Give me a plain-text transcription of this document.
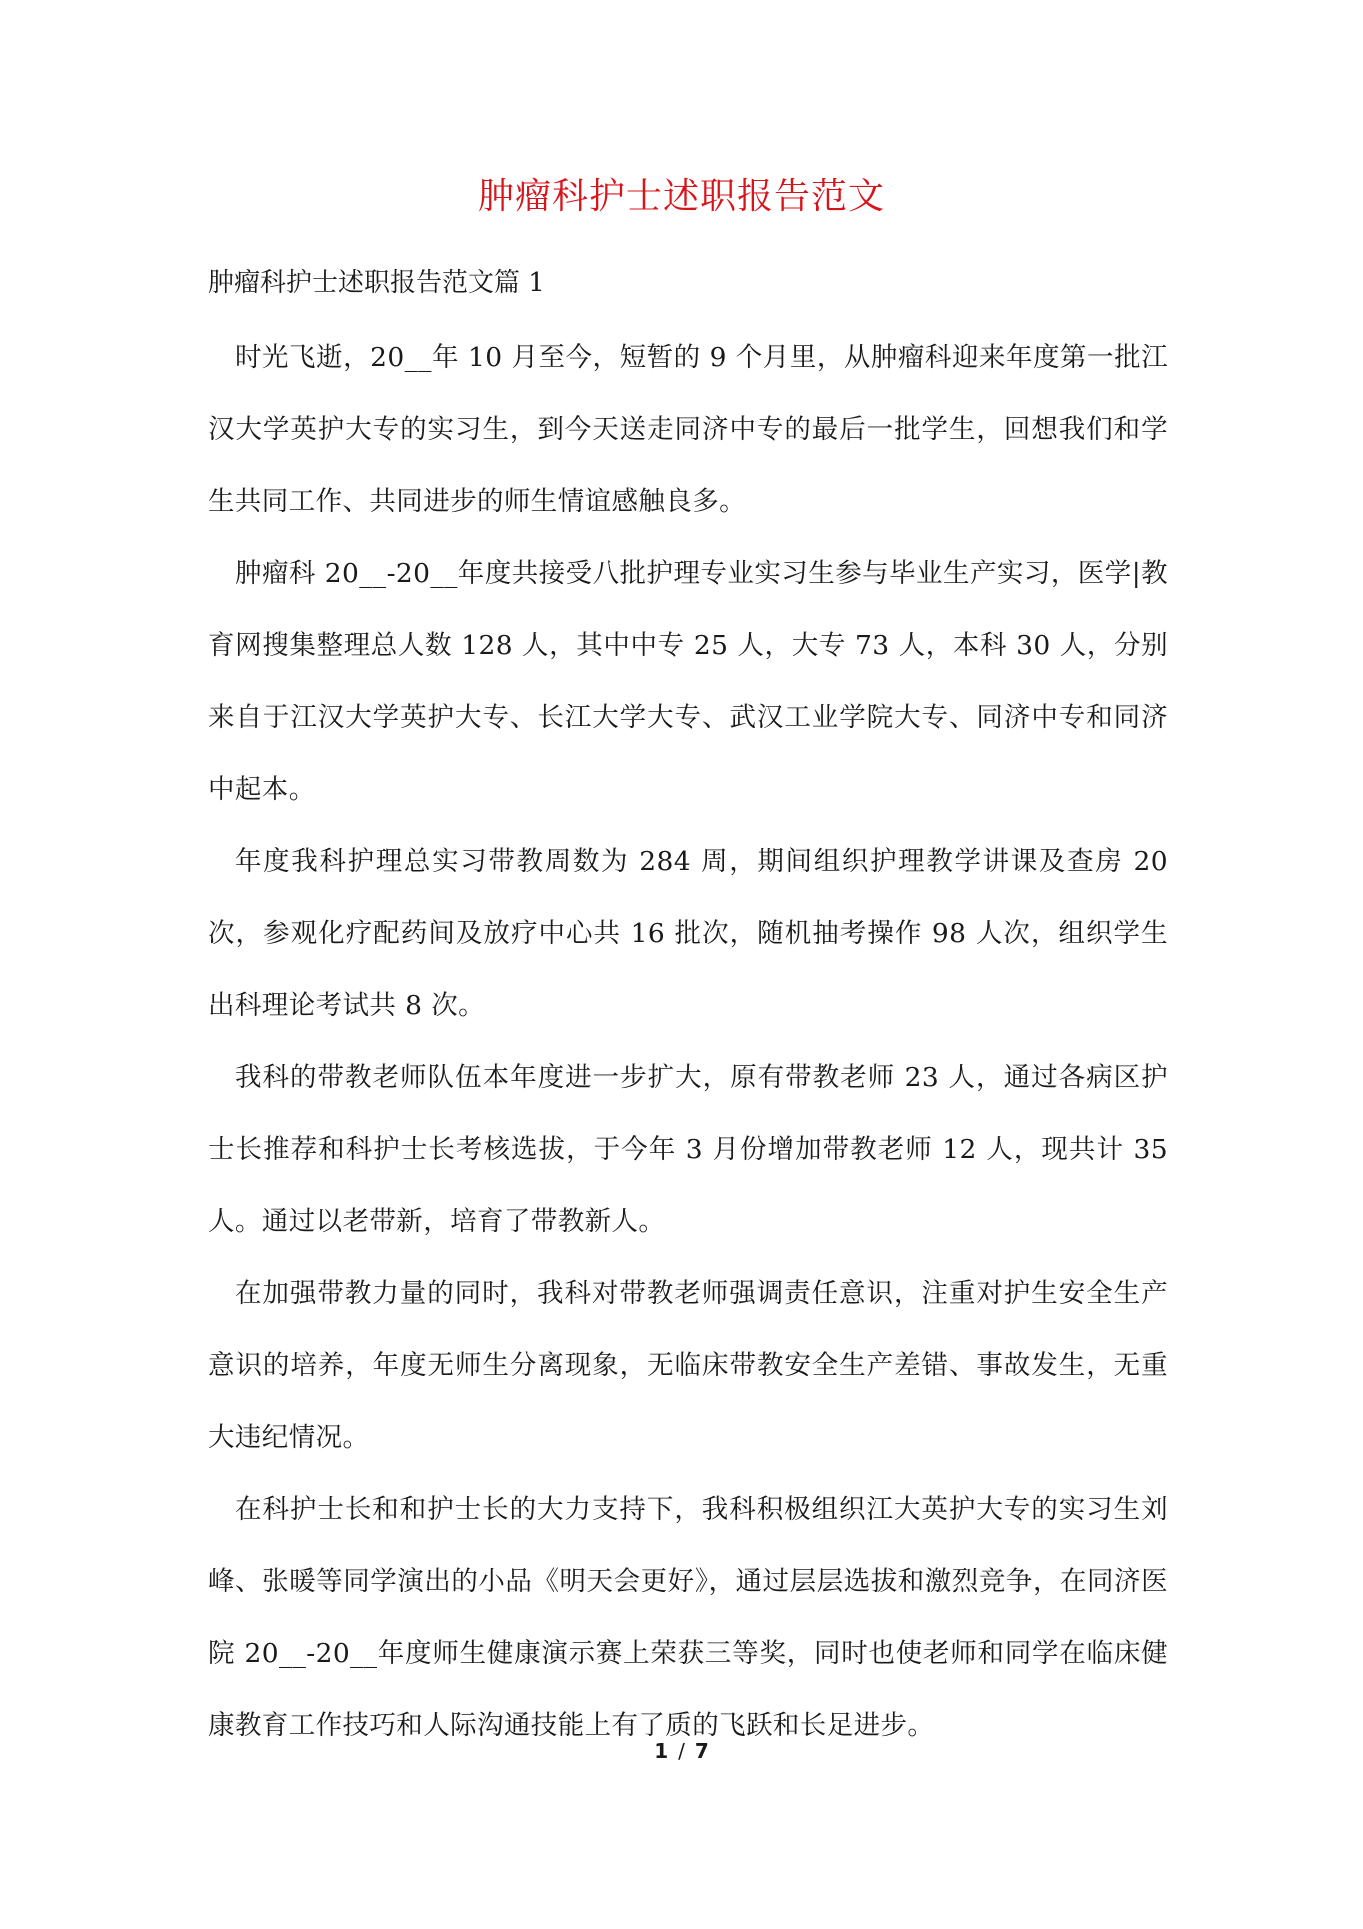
肿瘤科护士述职报告范文
肿瘤科护士述职报告范文篇 1

时光飞逝，20__年 10 月至今，短暂的 9 个月里，从肿瘤科迎来年度第一批江汉大学英护大专的实习生，到今天送走同济中专的最后一批学生，回想我们和学生共同工作、共同进步的师生情谊感触良多。

肿瘤科 20__-20__年度共接受八批护理专业实习生参与毕业生产实习，医学|教育网搜集整理总人数 128 人，其中中专 25 人，大专 73 人，本科 30 人，分别来自于江汉大学英护大专、长江大学大专、武汉工业学院大专、同济中专和同济中起本。

年度我科护理总实习带教周数为 284 周，期间组织护理教学讲课及查房 20 次，参观化疗配药间及放疗中心共 16 批次，随机抽考操作 98 人次，组织学生出科理论考试共 8 次。

我科的带教老师队伍本年度进一步扩大，原有带教老师 23 人，通过各病区护士长推荐和科护士长考核选拔，于今年 3 月份增加带教老师 12 人，现共计 35 人。通过以老带新，培育了带教新人。

在加强带教力量的同时，我科对带教老师强调责任意识，注重对护生安全生产意识的培养，年度无师生分离现象，无临床带教安全生产差错、事故发生，无重大违纪情况。

在科护士长和和护士长的大力支持下，我科积极组织江大英护大专的实习生刘峰、张暖等同学演出的小品《明天会更好》，通过层层选拔和激烈竞争，在同济医院 20__-20__年度师生健康演示赛上荣获三等奖，同时也使老师和同学在临床健康教育工作技巧和人际沟通技能上有了质的飞跃和长足进步。

1 / 7
